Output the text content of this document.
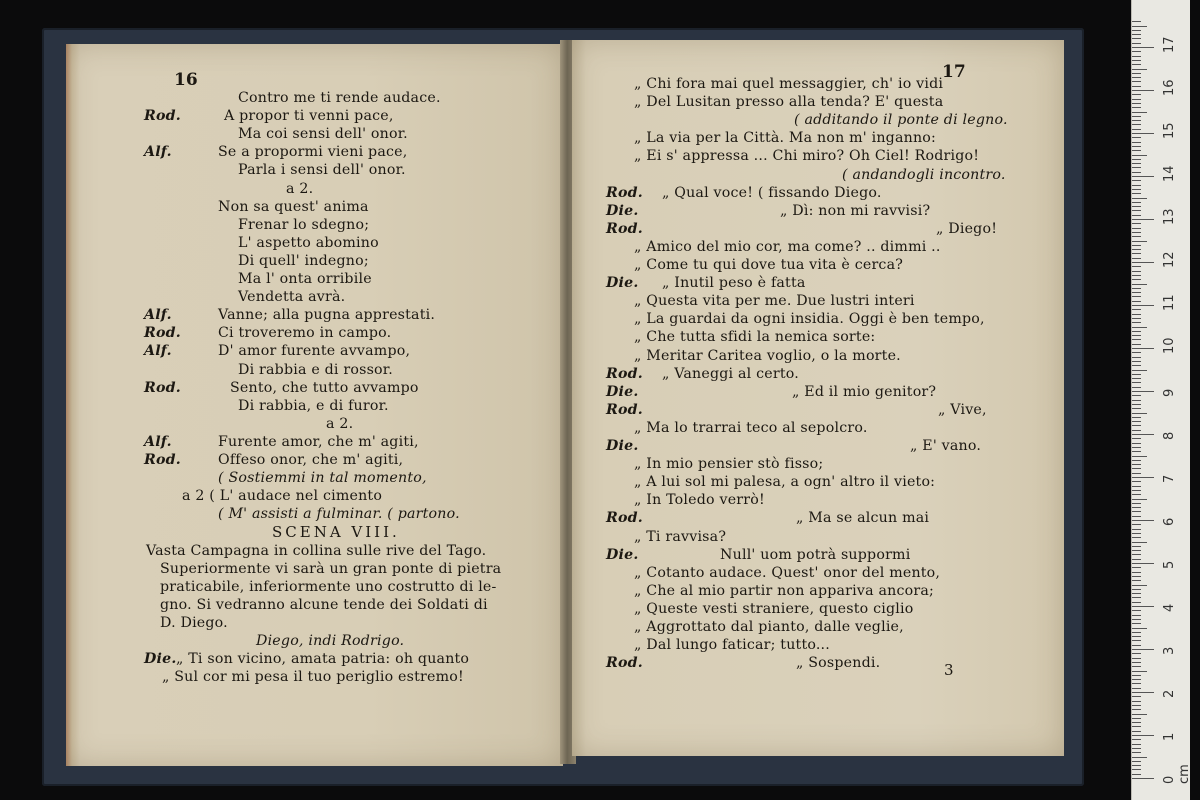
16
Contro me ti rende audace.
Rod.	A propor ti venni pace,
Ma coi sensi dell' onor.
Alf.	Se a propormi vieni pace,
Parla i sensi dell' onor.
a 2.
Non sa quest' anima
Frenar lo sdegno;
L' aspetto abomino
Di quell' indegno;
Ma l' onta orribile
Vendetta avrà.
Alf.	Vanne; alla pugna apprestati.
Rod.	Ci troveremo in campo.
Alf.	D' amor furente avvampo,
Di rabbia e di rossor.
Rod.	Sento, che tutto avvampo
Di rabbia, e di furor.
a 2.
Alf.	Furente amor, che m' agiti,
Rod.	Offeso onor, che m' agiti,
( Sostiemmi in tal momento,
a 2 ( L' audace nel cimento
( M' assisti a fulminar. ( partono.
SCENA VIII.
Vasta Campagna in collina sulle rive del Tago.
Superiormente vi sarà un gran ponte di pietra
praticabile, inferiormente uno costrutto di le-
gno. Si vedranno alcune tende dei Soldati di
D. Diego.
Diego, indi Rodrigo.
Die. „ Ti son vicino, amata patria: oh quanto
„ Sul cor mi pesa il tuo periglio estremo!
17
„ Chi fora mai quel messaggier, ch' io vidi
„ Del Lusitan presso alla tenda? E' questa
( additando il ponte di legno.
„ La via per la Città. Ma non m' inganno:
„ Ei s' appressa ... Chi miro? Oh Ciel! Rodrigo!
( andandogli incontro.
Rod. „ Qual voce! ( fissando Diego.
Die.	„ Dì: non mi ravvisi?
Rod.	„ Diego!
„ Amico del mio cor, ma come? .. dimmi ..
„ Come tu qui dove tua vita è cerca?
Die. „ Inutil peso è fatta
„ Questa vita per me. Due lustri interi
„ La guardai da ogni insidia. Oggi è ben tempo,
„ Che tutta sfidi la nemica sorte:
„ Meritar Caritea voglio, o la morte.
Rod. „ Vaneggi al certo.
Die.	„ Ed il mio genitor?
Rod.	„ Vive,
„ Ma lo trarrai teco al sepolcro.
Die.	„ E' vano.
„ In mio pensier stò fisso;
„ A lui sol mi palesa, a ogn' altro il vieto:
„ In Toledo verrò!
Rod.	„ Ma se alcun mai
„ Ti ravvisa?
Die.	Null' uom potrà suppormi
„ Cotanto audace. Quest' onor del mento,
„ Che al mio partir non appariva ancora;
„ Queste vesti straniere, questo ciglio
„ Aggrottato dal pianto, dalle veglie,
„ Dal lungo faticar; tutto...
Rod.	„ Sospendi.	3
0 cm
1
2
3
4
5
6
7
8
9
10
11
12
13
14
15
16
17
